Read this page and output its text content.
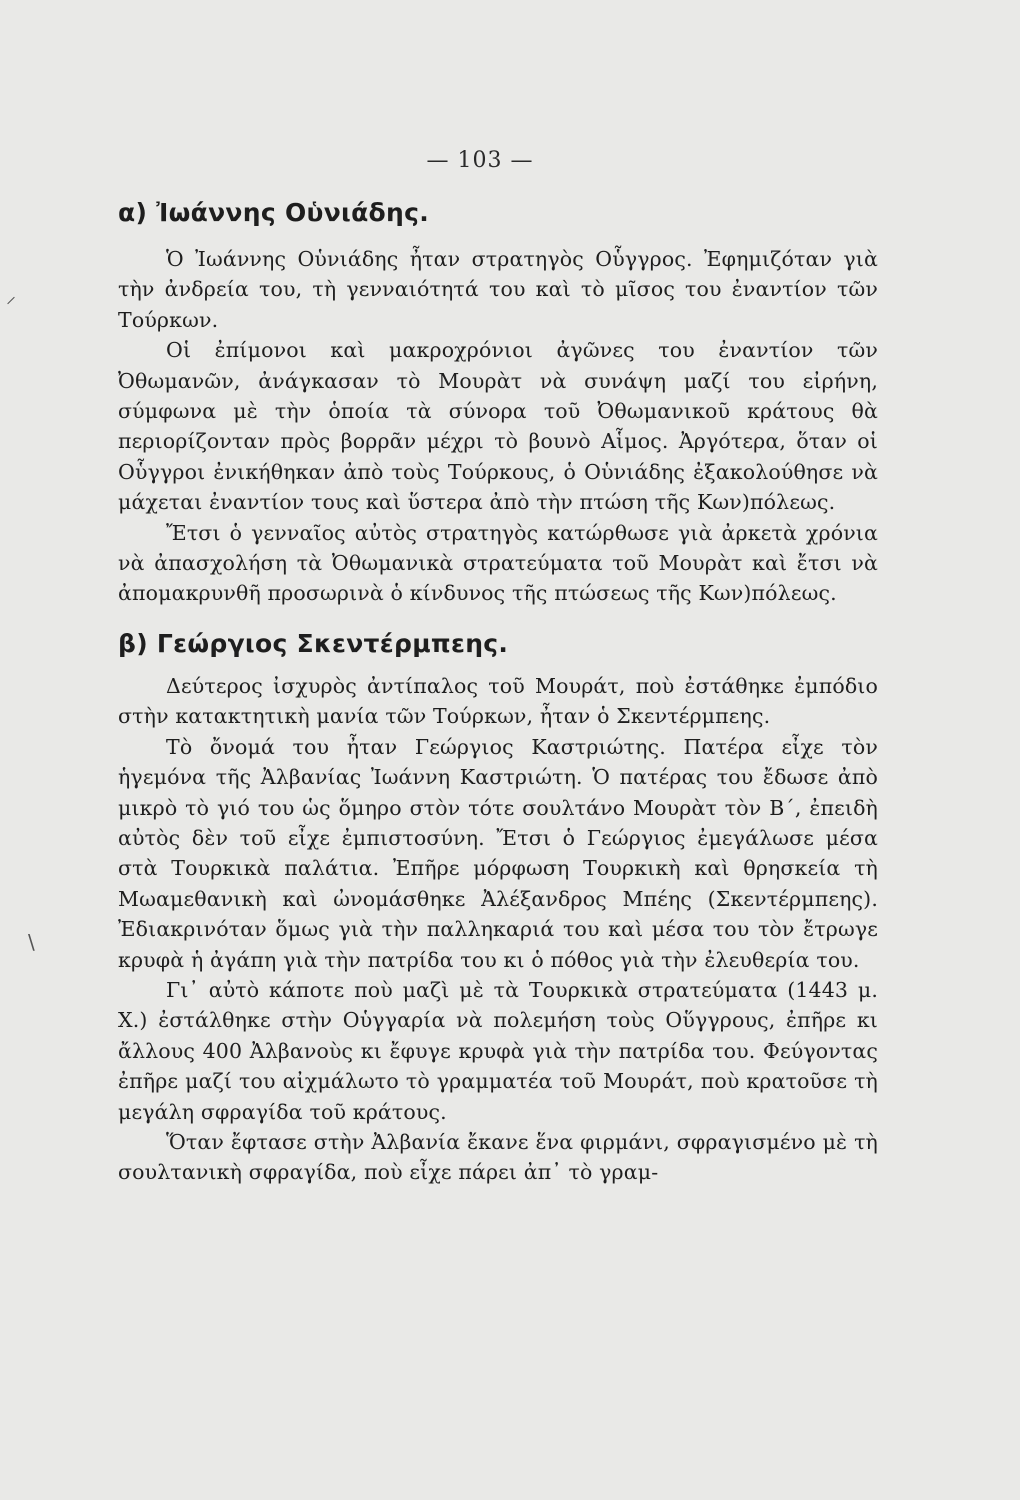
— 103 —
⸍
\
α) Ἰωάννης Οὑνιάδης.

Ὁ Ἰωάννης Οὑνιάδης ἦταν στρατηγὸς Οὗγγρος. Ἐφημιζόταν γιὰ τὴν ἀνδρεία του, τὴ γενναιότητά του καὶ τὸ μῖσος του ἐναντίον τῶν Τούρκων.

Οἱ ἐπίμονοι καὶ μακροχρόνιοι ἀγῶνες του ἐναντίον τῶν Ὀθωμανῶν, ἀνάγκασαν τὸ Μουρὰτ νὰ συνάψη μαζί του εἰρήνη, σύμφωνα μὲ τὴν ὁποία τὰ σύνορα τοῦ Ὀθωμανικοῦ κράτους θὰ περιορίζονταν πρὸς βορρᾶν μέχρι τὸ βουνὸ Αἷμος. Ἀργότερα, ὅταν οἱ Οὗγγροι ἐνικήθηκαν ἀπὸ τοὺς Τούρκους, ὁ Οὑνιάδης ἐξακολούθησε νὰ μάχεται ἐναντίον τους καὶ ὕστερα ἀπὸ τὴν πτώση τῆς Κων)πόλεως.

Ἔτσι ὁ γενναῖος αὐτὸς στρατηγὸς κατώρθωσε γιὰ ἀρκετὰ χρόνια νὰ ἀπασχολήση τὰ Ὀθωμανικὰ στρατεύματα τοῦ Μουρὰτ καὶ ἔτσι νὰ ἀπομακρυνθῆ προσωρινὰ ὁ κίνδυνος τῆς πτώσεως τῆς Κων)πόλεως.

β) Γεώργιος Σκεντέρμπεης.

Δεύτερος ἰσχυρὸς ἀντίπαλος τοῦ Μουράτ, ποὺ ἐστάθηκε ἐμπόδιο στὴν κατακτητικὴ μανία τῶν Τούρκων, ἦταν ὁ Σκεντέρμπεης.

Τὸ ὄνομά του ἦταν Γεώργιος Καστριώτης. Πατέρα εἶχε τὸν ἡγεμόνα τῆς Ἀλβανίας Ἰωάννη Καστριώτη. Ὁ πατέρας του ἔδωσε ἀπὸ μικρὸ τὸ γιό του ὡς ὅμηρο στὸν τότε σουλτάνο Μουρὰτ τὸν Β΄, ἐπειδὴ αὐτὸς δὲν τοῦ εἶχε ἐμπιστοσύνη. Ἔτσι ὁ Γεώργιος ἐμεγάλωσε μέσα στὰ Τουρκικὰ παλάτια. Ἐπῆρε μόρφωση Τουρκικὴ καὶ θρησκεία τὴ Μωαμεθανικὴ καὶ ὠνομάσθηκε Ἀλέξανδρος Μπέης (Σκεντέρμπεης). Ἐδιακρινόταν ὅμως γιὰ τὴν παλληκαριά του καὶ μέσα του τὸν ἔτρωγε κρυφὰ ἡ ἀγάπη γιὰ τὴν πατρίδα του κι ὁ πόθος γιὰ τὴν ἐλευθερία του.

Γι᾿ αὐτὸ κάποτε ποὺ μαζὶ μὲ τὰ Τουρκικὰ στρατεύματα (1443 μ. Χ.) ἐστάλθηκε στὴν Οὑγγαρία νὰ πολεμήση τοὺς Οὕγγρους, ἐπῆρε κι ἄλλους 400 Ἀλβανοὺς κι ἔφυγε κρυφὰ γιὰ τὴν πατρίδα του. Φεύγοντας ἐπῆρε μαζί του αἰχμάλωτο τὸ γραμματέα τοῦ Μουράτ, ποὺ κρατοῦσε τὴ μεγάλη σφραγίδα τοῦ κράτους.

Ὅταν ἔφτασε στὴν Ἀλβανία ἔκανε ἕνα φιρμάνι, σφραγισμένο μὲ τὴ σουλτανικὴ σφραγίδα, ποὺ εἶχε πάρει ἀπ᾿ τὸ γραμ-
